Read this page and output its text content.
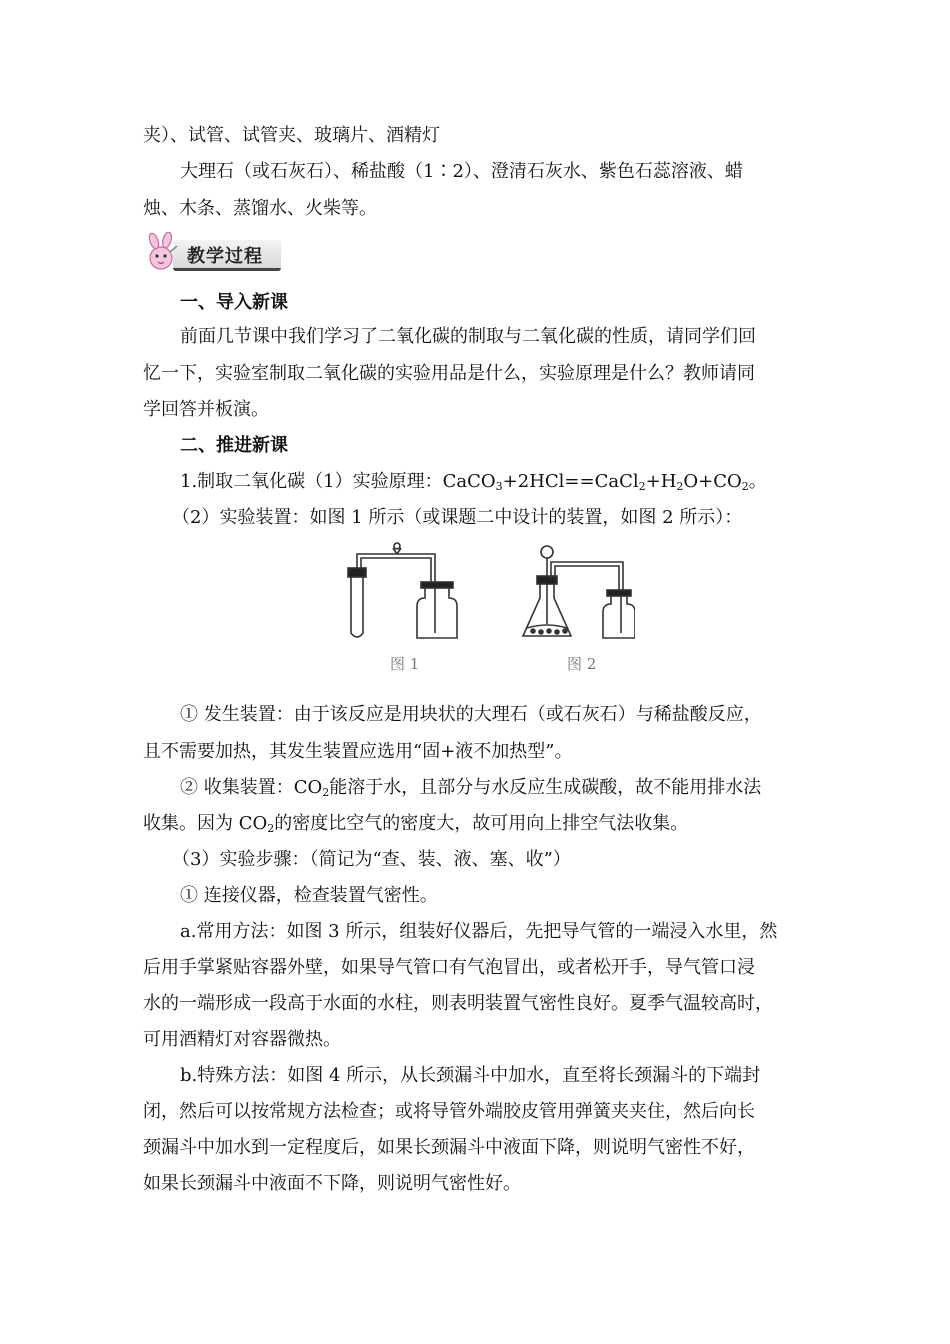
夹）、试管、试管夹、玻璃片、酒精灯
大理石（或石灰石）、稀盐酸（1∶2）、澄清石灰水、紫色石蕊溶液、蜡
烛、木条、蒸馏水、火柴等。
教学过程
一、导入新课
前面几节课中我们学习了二氧化碳的制取与二氧化碳的性质，请同学们回
忆一下，实验室制取二氧化碳的实验用品是什么，实验原理是什么？教师请同
学回答并板演。
二、推进新课
1.制取二氧化碳（1）实验原理：$CaCO_3+2HCl==CaCl_2+H_2O+CO_2$。
（2）实验装置：如图 1 所示（或课题二中设计的装置，如图 2 所示）：
图 1	图 2
① 发生装置：由于该反应是用块状的大理石（或石灰石）与稀盐酸反应，
且不需要加热，其发生装置应选用“固+液不加热型”。
② 收集装置：$CO_2$能溶于水，且部分与水反应生成碳酸，故不能用排水法
收集。因为 $CO_2$的密度比空气的密度大，故可用向上排空气法收集。
（3）实验步骤：（简记为“查、装、液、塞、收”）
① 连接仪器，检查装置气密性。
a.常用方法：如图 3 所示，组装好仪器后，先把导气管的一端浸入水里，然
后用手掌紧贴容器外壁，如果导气管口有气泡冒出，或者松开手，导气管口浸
水的一端形成一段高于水面的水柱，则表明装置气密性良好。夏季气温较高时，
可用酒精灯对容器微热。
b.特殊方法：如图 4 所示，从长颈漏斗中加水，直至将长颈漏斗的下端封
闭，然后可以按常规方法检查；或将导管外端胶皮管用弹簧夹夹住，然后向长
颈漏斗中加水到一定程度后，如果长颈漏斗中液面下降，则说明气密性不好，
如果长颈漏斗中液面不下降，则说明气密性好。
